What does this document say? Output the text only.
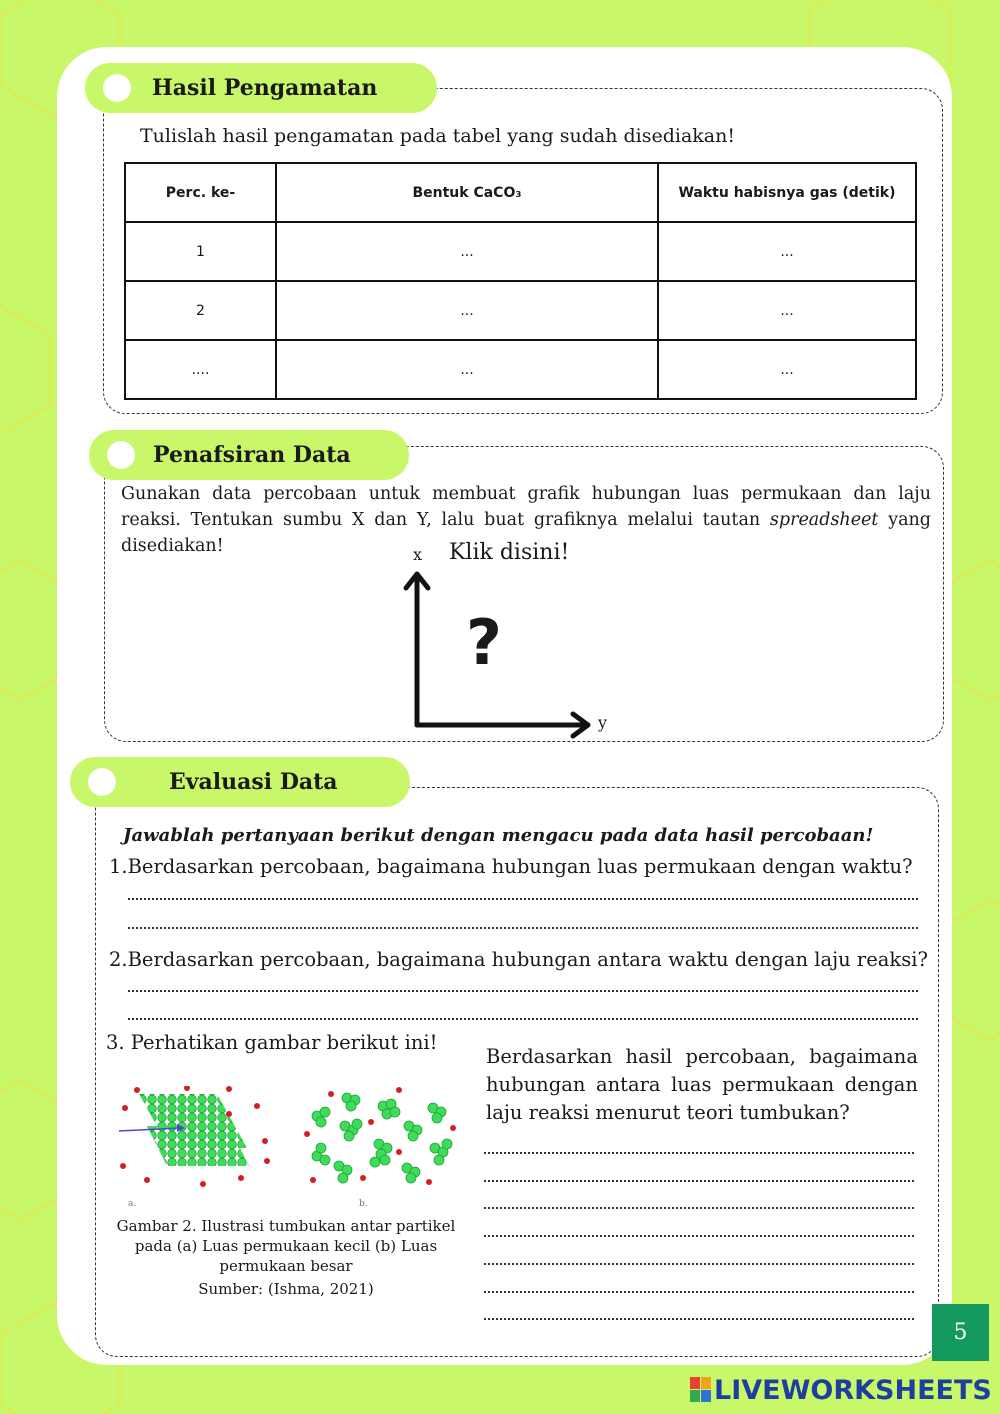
Hasil Pengamatan
Tulislah hasil pengamatan pada tabel yang sudah disediakan!
Perc. ke-	Bentuk CaCO₃	Waktu habisnya gas (detik)
1	...	...
2	...	...
....	...	...
Penafsiran Data
Gunakan data percobaan untuk membuat grafik hubungan luas permukaan dan laju reaksi. Tentukan sumbu X dan Y, lalu buat grafiknya melalui tautan spreadsheet yang disediakan!	x
y
Klik disini!
?
Evaluasi Data
Jawablah pertanyaan berikut dengan mengacu pada data hasil percobaan!
1.Berdasarkan percobaan, bagaimana hubungan luas permukaan dengan waktu?
2.Berdasarkan percobaan, bagaimana hubungan antara waktu dengan laju reaksi?
3. Perhatikan gambar berikut ini!
a.	b.
Gambar 2. Ilustrasi tumbukan antar partikel pada (a) Luas permukaan kecil (b) Luas permukaan besar
Sumber: (Ishma, 2021)
Berdasarkan hasil percobaan, bagaimana hubungan antara luas permukaan dengan laju reaksi menurut teori tumbukan?
5
LIVEWORKSHEETS
